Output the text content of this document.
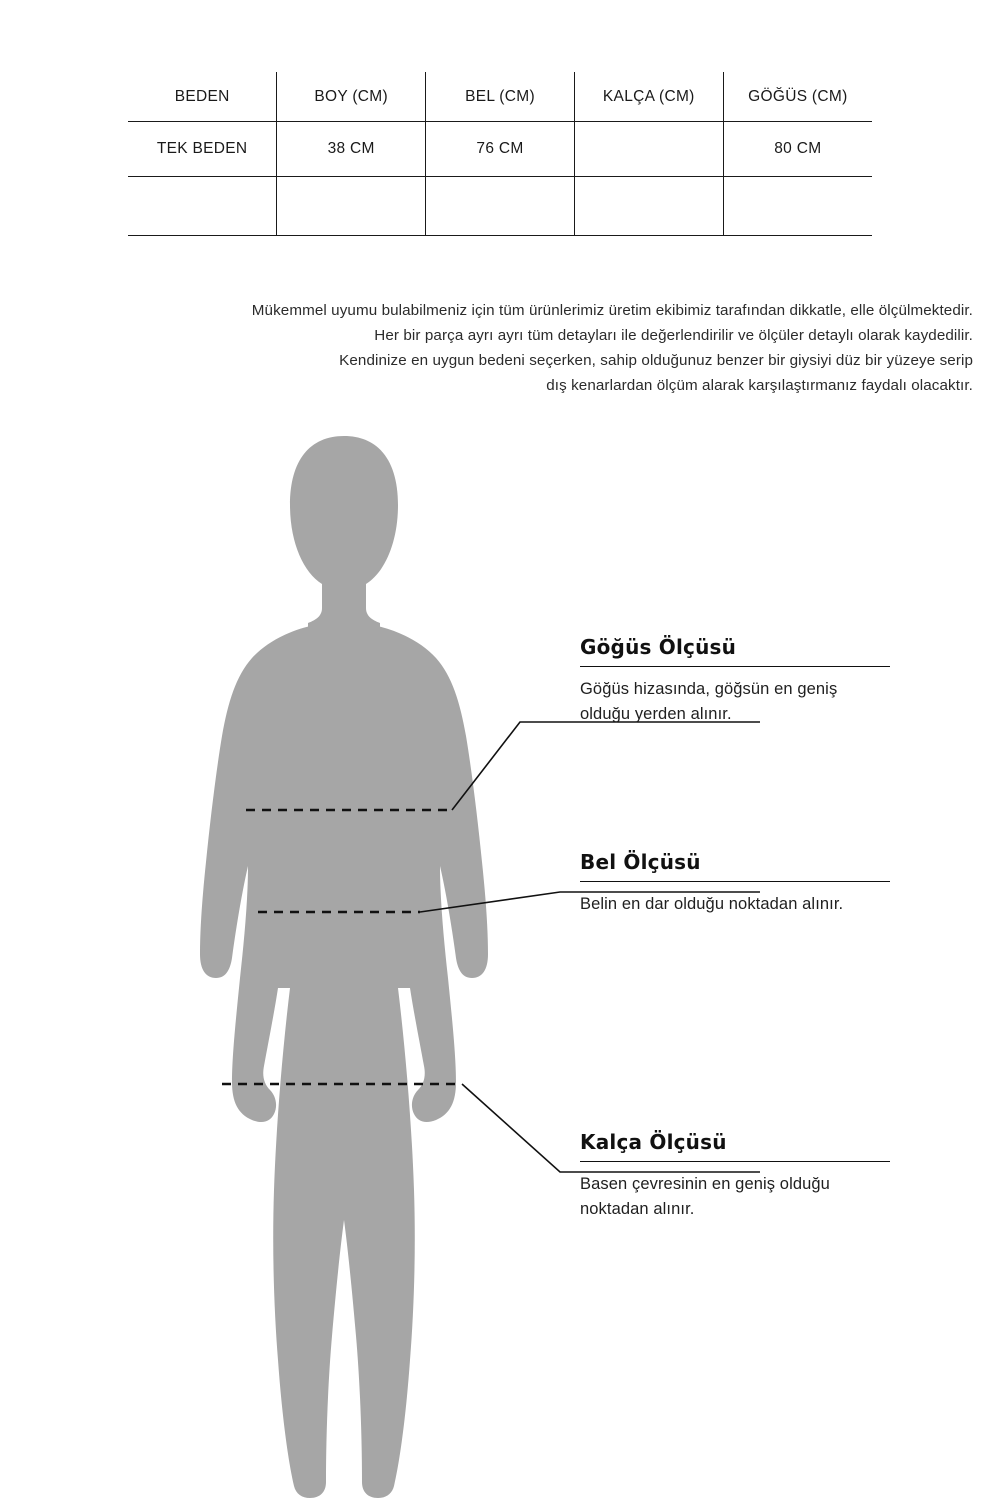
BEDEN	BOY (CM)	BEL (CM)	KALÇA (CM)	GÖĞÜS (CM)
TEK BEDEN	38 CM	76 CM		80 CM

Mükemmel uyumu bulabilmeniz için tüm ürünlerimiz üretim ekibimiz tarafından dikkatle, elle ölçülmektedir.
Her bir parça ayrı ayrı tüm detayları ile değerlendirilir ve ölçüler detaylı olarak kaydedilir.
Kendinize en uygun bedeni seçerken, sahip olduğunuz benzer bir giysiyi düz bir yüzeye serip
dış kenarlardan ölçüm alarak karşılaştırmanız faydalı olacaktır.
Göğüs Ölçüsü
Göğüs hizasında, göğsün en geniş olduğu yerden alınır.
Bel Ölçüsü
Belin en dar olduğu noktadan alınır.
Kalça Ölçüsü
Basen çevresinin en geniş olduğu noktadan alınır.
